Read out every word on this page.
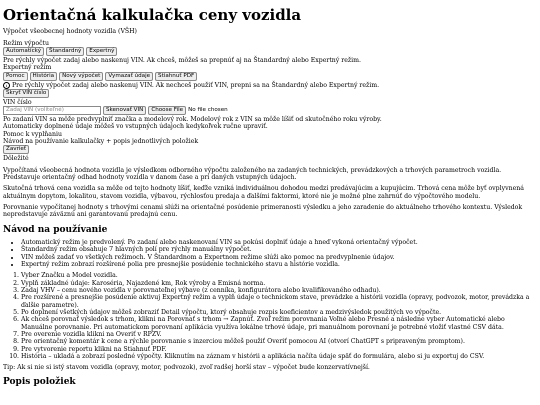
Orientačná kalkulačka ceny vozidla

Výpočet všeobecnej hodnoty vozidla (VŠH)

Režim výpočtu
Automatický Štandardný Expertný
Pre rýchly výpočet zadaj alebo naskenuj VIN. Ak chceš, môžeš sa prepnúť aj na Štandardný alebo Expertný režim.
Expertný režim
Pomoc História Nový výpočet Vymazať údaje Stiahnuť PDF
i Pre rýchly výpočet zadaj alebo naskenuj VIN. Ak nechceš použiť VIN, prepni sa na Štandardný alebo Expertný režim.
Skryť VIN číslo
VIN číslo
Zadaj VIN (voliteľné)	Skenovať VIN Choose File No file chosen
Po zadaní VIN sa môže predvyplniť značka a modelový rok. Modelový rok z VIN sa môže líšiť od skutočného roku výroby.
Automaticky doplnené údaje môžeš vo vstupných údajoch kedykoľvek ručne upraviť.
Pomoc k vyplňaniu
Návod na používanie kalkulačky + popis jednotlivých položiek
Zavrieť
Dôležité

Vypočítaná všeobecná hodnota vozidla je výsledkom odborného výpočtu založeného na zadaných technických, prevádzkových a trhových parametroch vozidla. Predstavuje orientačný odhad hodnoty vozidla v danom čase a pri daných vstupných údajoch.

Skutočná trhová cena vozidla sa môže od tejto hodnoty líšiť, keďže vzniká individuálnou dohodou medzi predávajúcim a kupujúcim. Trhová cena môže byť ovplyvnená aktuálnym dopytom, lokalitou, stavom vozidla, výbavou, rýchlosťou predaja a ďalšími faktormi, ktoré nie je možné plne zahrnúť do výpočtového modelu.

Porovnanie vypočítanej hodnoty s trhovými cenami slúži na orientačné posúdenie primeranosti výsledku a jeho zaradenie do aktuálneho trhového kontextu. Výsledok nepredstavuje záväznú ani garantovanú predajnú cenu.

Návod na používanie
• Automatický režim je predvolený. Po zadaní alebo naskenovaní VIN sa pokúsi doplniť údaje a hneď vykoná orientačný výpočet.
• Štandardný režim obsahuje 7 hlavných polí pre rýchly manuálny výpočet.
• VIN môžeš zadať vo všetkých režimoch. V Štandardnom a Expertnom režime slúži ako pomoc na predvyplnenie údajov.
• Expertný režim zobrazí rozšírené polia pre presnejšie posúdenie technického stavu a histórie vozidla.
1. Vyber Značku a Model vozidla.
2. Vyplň základné údaje: Karoséria, Najazdené km, Rok výroby a Emisná norma.
3. Zadaj VHV – cenu nového vozidla v porovnateľnej výbave (z cenníka, konfigurátora alebo kvalifikovaného odhadu).
4. Pre rozšírené a presnejšie posúdenie aktivuj Expertný režim a vyplň údaje o technickom stave, prevádzke a histórii vozidla (opravy, podvozok, motor, prevádzka a ďalšie parametre).
5. Po doplnení všetkých údajov môžeš zobraziť Detail výpočtu, ktorý obsahuje rozpis koeficientov a medzivýsledok použitých vo výpočte.
6. Ak chceš porovnať výsledok s trhom, klikni na Porovnať s trhom → Zapnúť. Zvoľ režim porovnania Voľné alebo Presné a následne vyber Automatické alebo Manuálne porovnanie. Pri automatickom porovnaní aplikácia využíva lokálne trhové údaje, pri manuálnom porovnaní je potrebné vložiť vlastné CSV dáta.
7. Pre overenie vozidla klikni na Overiť v RPZV.
8. Pre orientačný komentár k cene a rýchle porovnanie s inzerciou môžeš použiť Overiť pomocou AI (otvorí ChatGPT s pripraveným promptom).
9. Pre vytvorenie reportu klikni na Stiahnuť PDF.
10. História – ukladá a zobrazí posledné výpočty. Kliknutím na záznam v histórii a aplikácia načíta údaje späť do formulára, alebo si ju exportuj do CSV.

Tip: Ak si nie si istý stavom vozidla (opravy, motor, podvozok), zvoľ radšej horší stav – výpočet bude konzervatívnejší.

Popis položiek
